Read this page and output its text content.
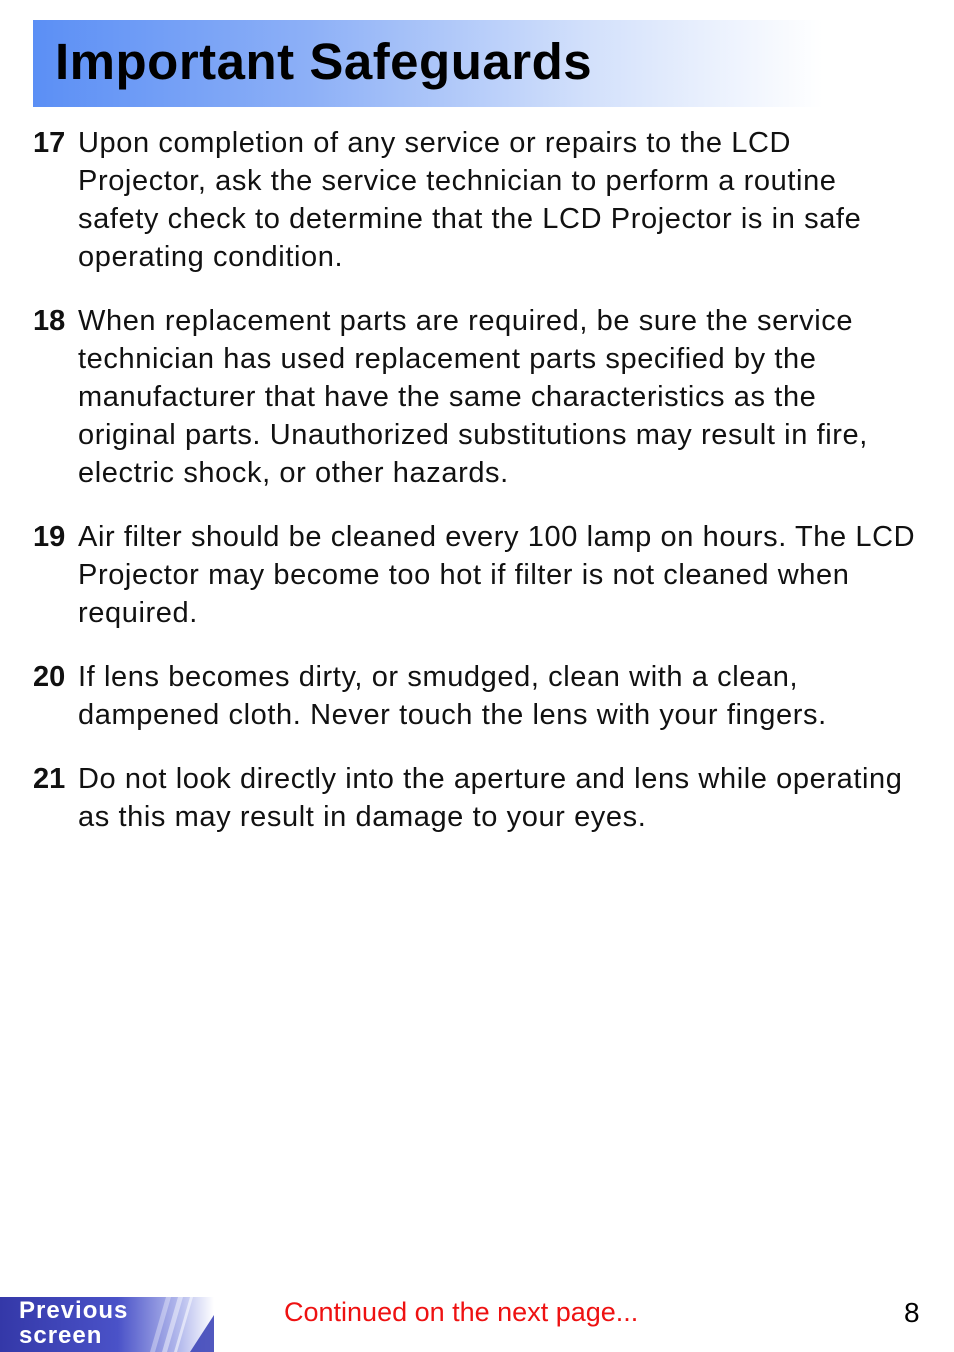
Important Safeguards
17 Upon completion of any service or repairs to the LCD Projector, ask the service technician to perform a routine safety check to determine that the LCD Projector is in safe operating condition.
18 When replacement parts are required, be sure the service technician has used replacement parts specified by the manufacturer that have the same characteristics as the original parts. Unauthorized substitutions may result in fire, electric shock, or other hazards.
19 Air filter should be cleaned every 100 lamp on hours. The LCD Projector may become too hot if filter is not cleaned when required.
20 If lens becomes dirty, or smudged, clean with a clean, dampened cloth. Never touch the lens with your fingers.
21 Do not look directly into the aperture and lens while operating as this may result in damage to your eyes.
Previous
screen
Continued on the next page...	8
